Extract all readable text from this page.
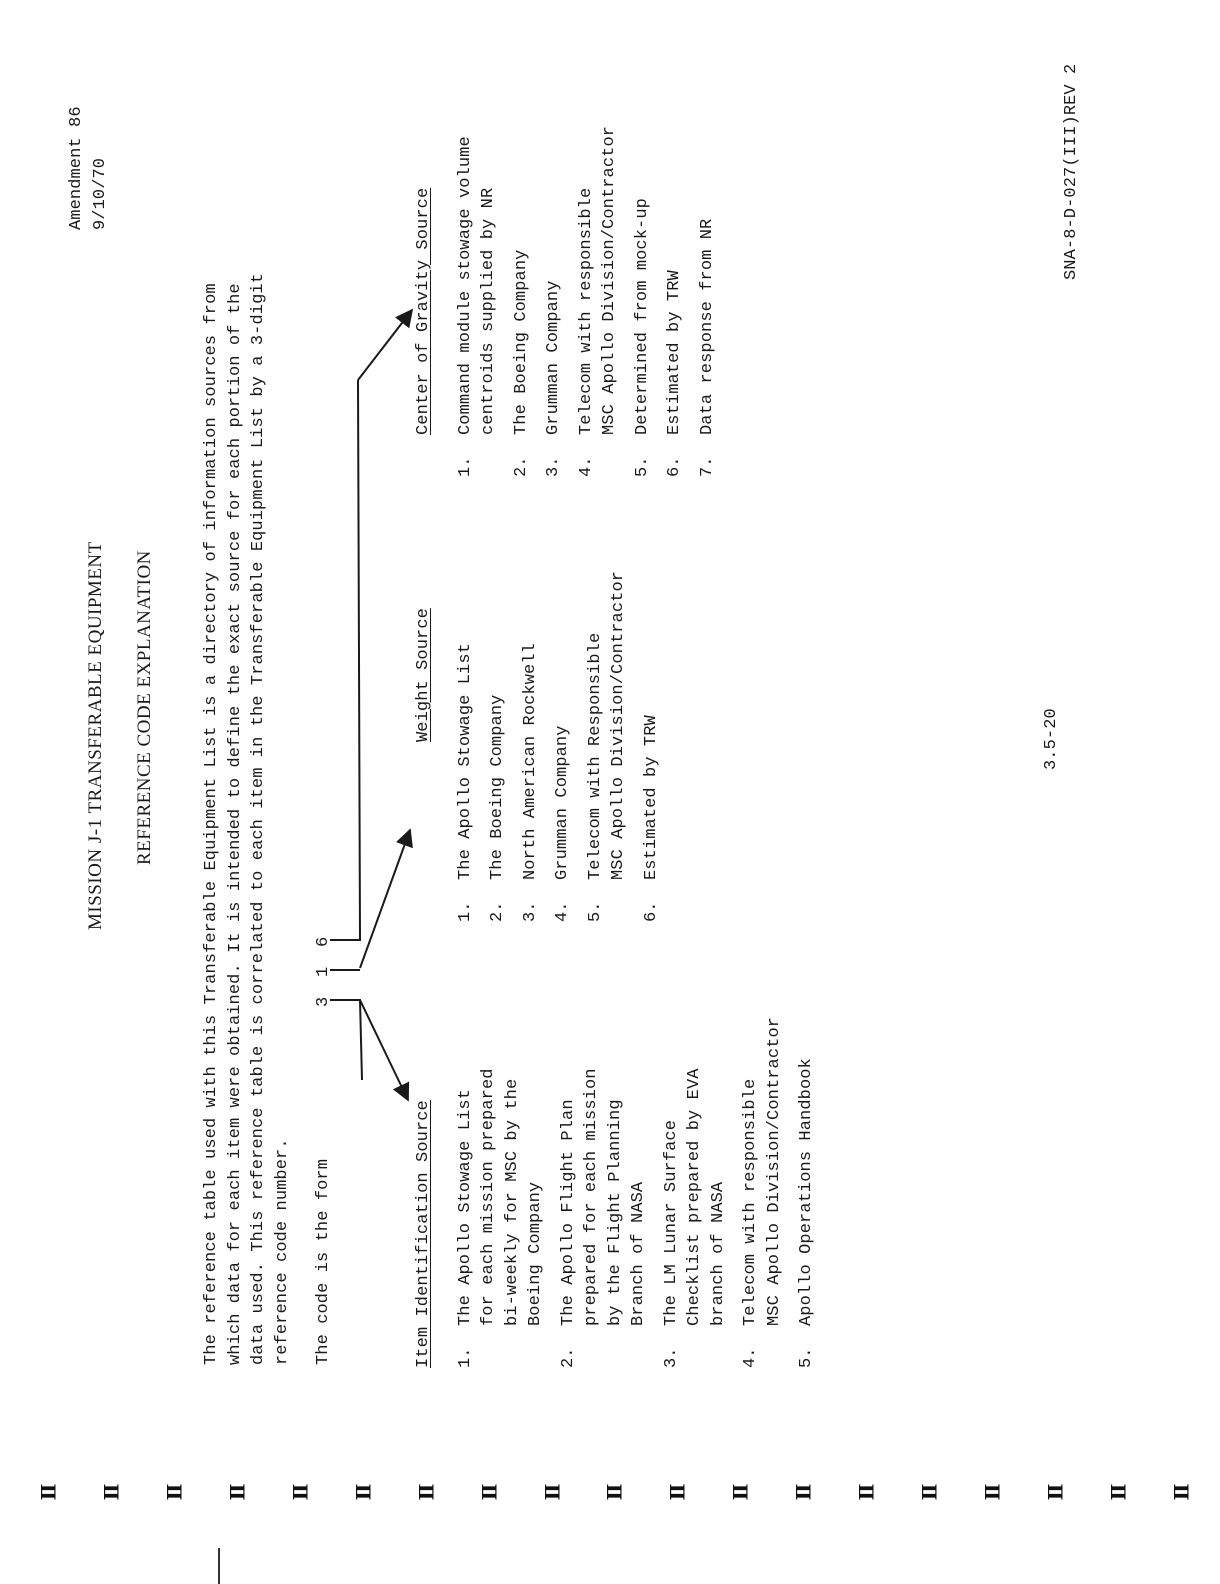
Amendment 86 9/10/70
MISSION J-1 TRANSFERABLE EQUIPMENT REFERENCE CODE EXPLANATION	The reference table used with this Transferable Equipment List is a directory of information sources from which data for each item were obtained. It is intended to define the exact source for each portion of the data used. This reference table is correlated to each item in the Transferable Equipment List by a 3-digit reference code number. The code is the form
3
1
6
Item Identification Source 1.
The Apollo Stowage List
for each mission prepared
bi-weekly for MSC by the
Boeing Company
2.
The Apollo Flight Plan
prepared for each mission
by the Flight Planning
Branch of NASA
3.
The LM Lunar Surface
Checklist prepared by EVA
branch of NASA
4.
Telecom with responsible
MSC Apollo Division/Contractor
5.
Apollo Operations Handbook
Weight Source
1.
The Apollo Stowage List
2.
The Boeing Company
3.
North American Rockwell
4.
Grumman Company
5.
Telecom with Responsible
MSC Apollo Division/Contractor
6.
Estimated by TRW
Center of Gravity Source
1.
Command module stowage volume
centroids supplied by NR
2.
The Boeing Company
3.
Grumman Company
4.
Telecom with responsible
MSC Apollo Division/Contractor
5.
Determined from mock-up
6.
Estimated by TRW
7.
Data response from NR
3.5-20
SNA-8-D-027(III)REV 2
Ⅱ Ⅱ Ⅱ Ⅱ Ⅱ Ⅱ Ⅱ Ⅱ Ⅱ Ⅱ Ⅱ Ⅱ Ⅱ Ⅱ Ⅱ Ⅱ Ⅱ Ⅱ Ⅱ
